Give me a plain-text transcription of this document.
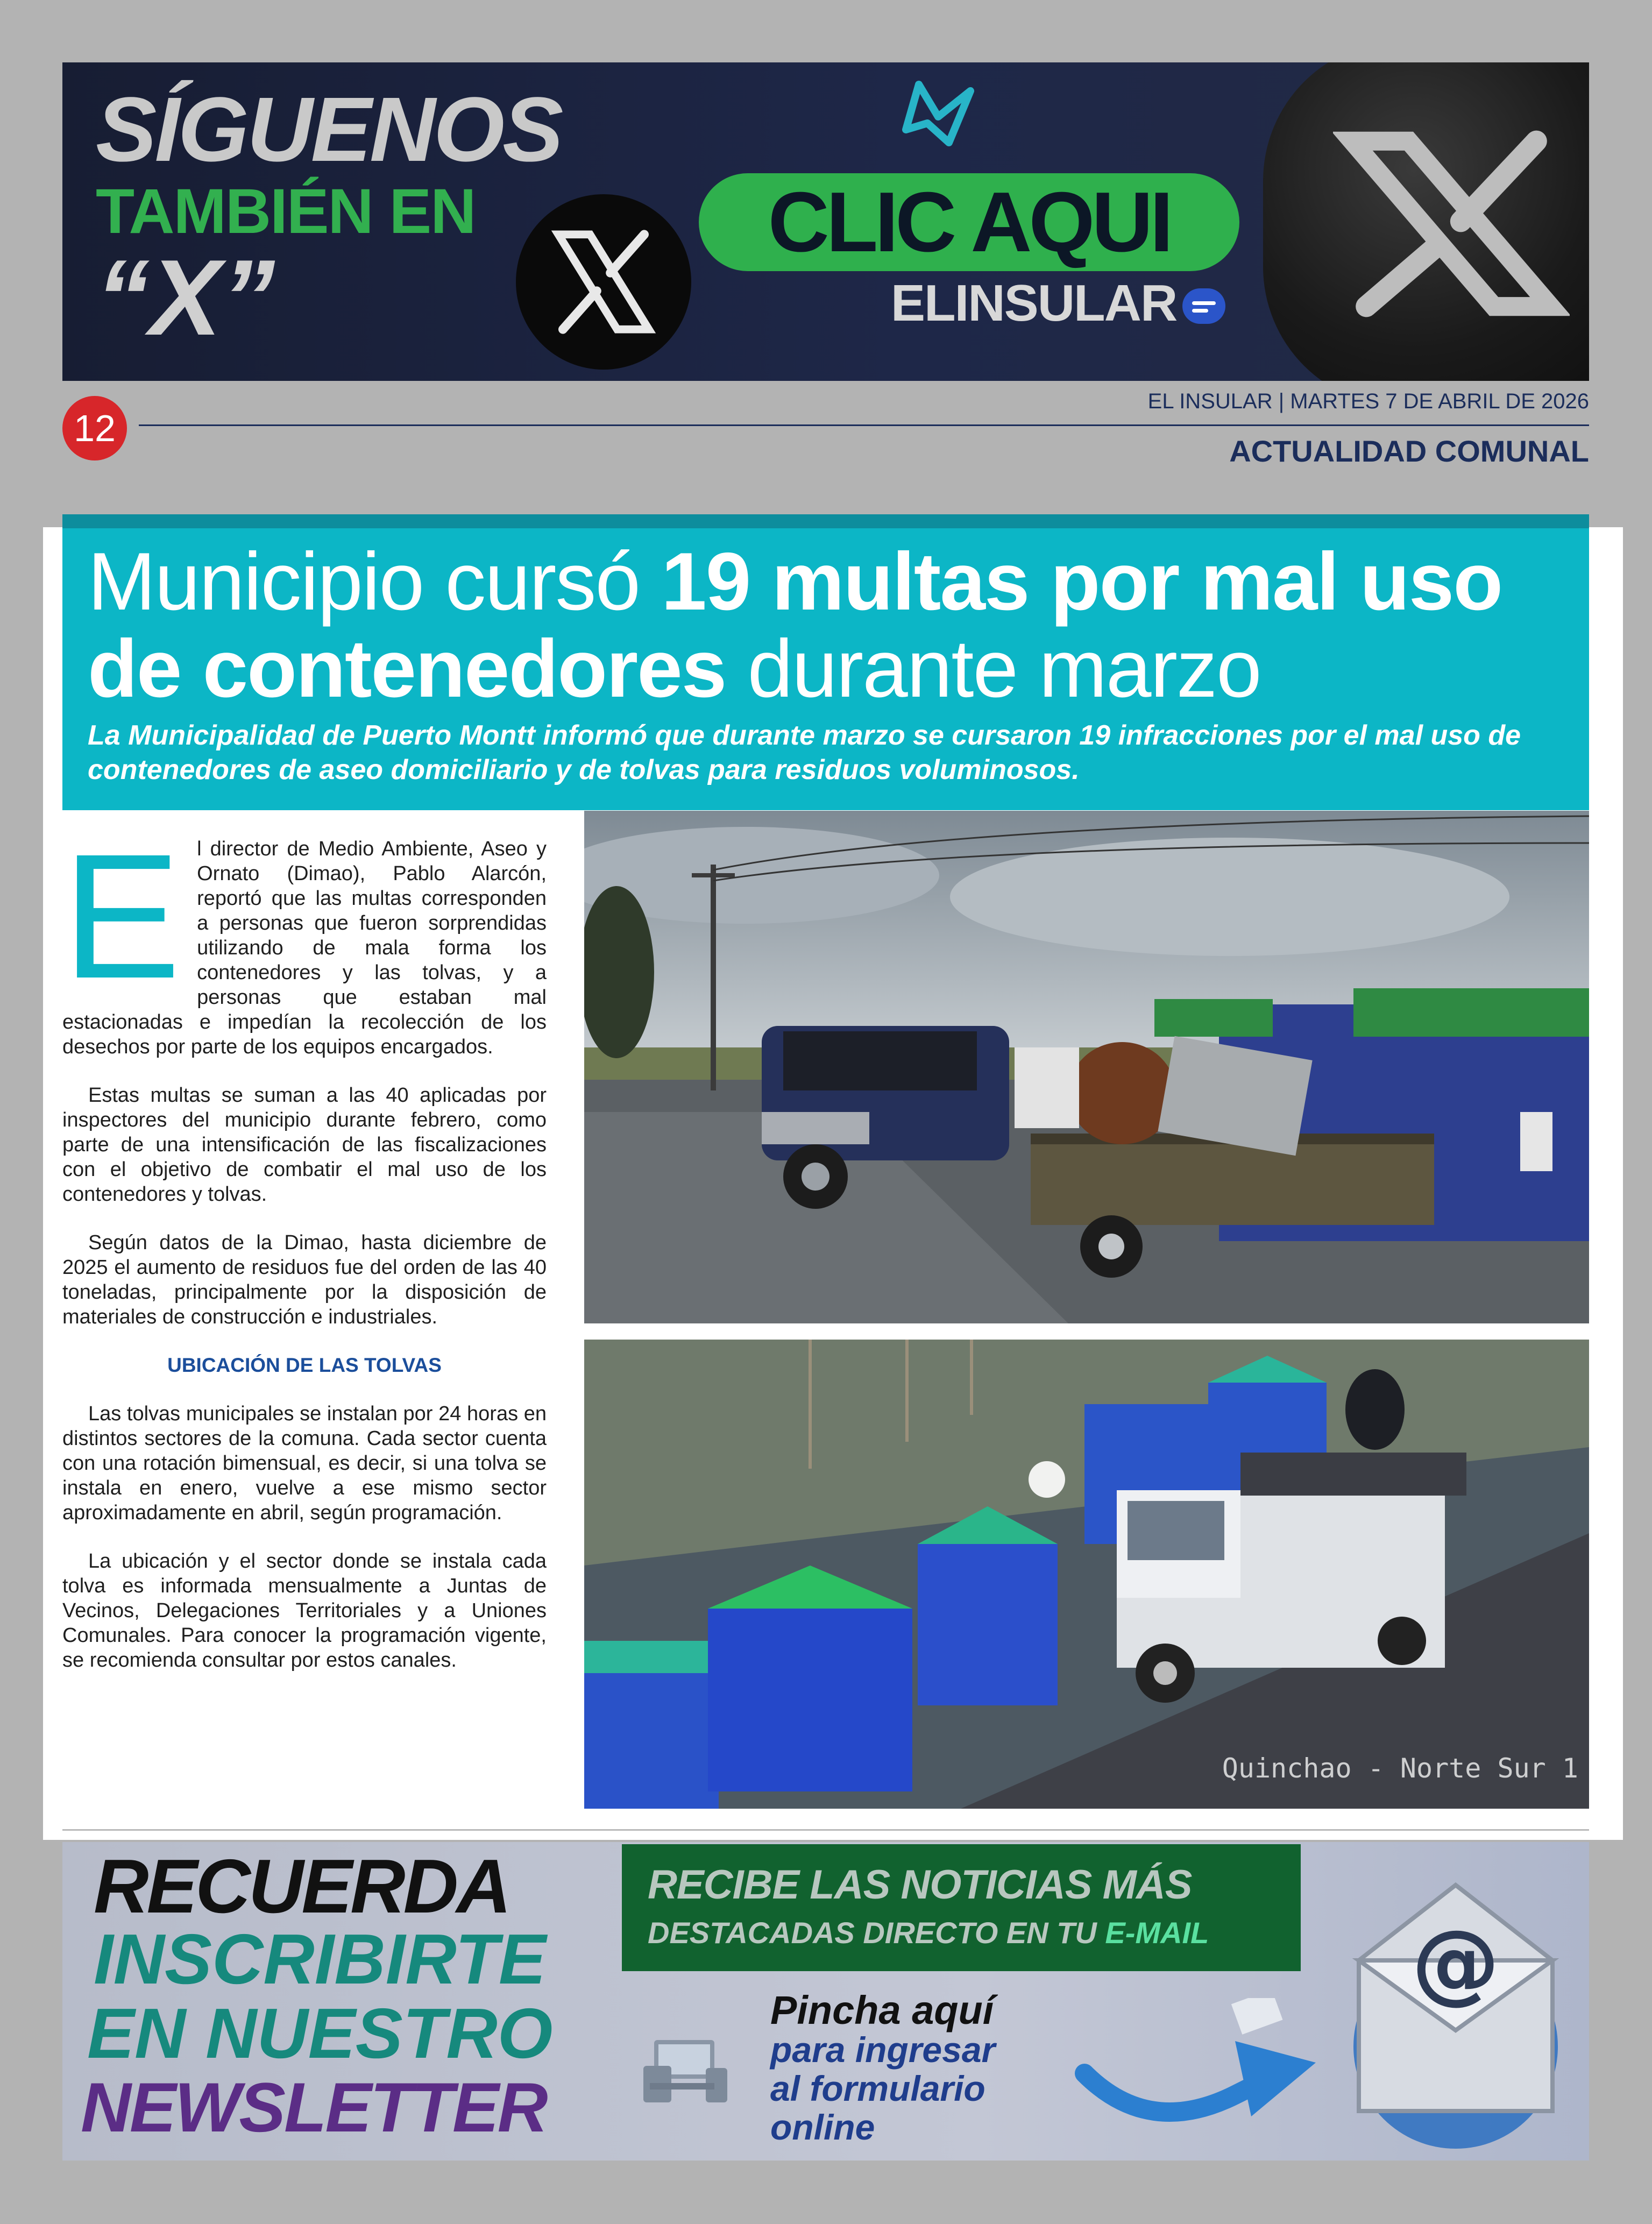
SÍGUENOS
TAMBIÉN EN
“X”
CLIC AQUI
ELINSULAR
12
EL INSULAR | MARTES 7 DE ABRIL DE 2026
ACTUALIDAD COMUNAL
Municipio cursó 19 multas por mal uso de contenedores durante marzo

La Municipalidad de Puerto Montt informó que durante marzo se cursaron 19 infracciones por el mal uso de contenedores de aseo domiciliario y de tolvas para residuos voluminosos.

El director de Medio Ambiente, Aseo y Ornato (Dimao), Pablo Alarcón, reportó que las multas corresponden a personas que fueron sorprendidas utilizando de mala forma los contenedores y las tolvas, y a personas que estaban mal estacionadas e impedían la recolección de los desechos por parte de los equipos encargados.

Estas multas se suman a las 40 aplicadas por inspectores del municipio durante febrero, como parte de una intensificación de las fiscalizaciones con el objetivo de combatir el mal uso de los contenedores y tolvas.

Según datos de la Dimao, hasta diciembre de 2025 el aumento de residuos fue del orden de las 40 toneladas, principalmente por la disposición de materiales de construcción e industriales.

UBICACIÓN DE LAS TOLVAS

Las tolvas municipales se instalan por 24 horas en distintos sectores de la comuna. Cada sector cuenta con una rotación bimensual, es decir, si una tolva se instala en enero, vuelve a ese mismo sector aproximadamente en abril, según programación.

La ubicación y el sector donde se instala cada tolva es informada mensualmente a Juntas de Vecinos, Delegaciones Territoriales y a Uniones Comunales. Para conocer la programación vigente, se recomienda consultar por estos canales.

Quinchao - Norte Sur 1
RECUERDA
INSCRIBIRTE
EN NUESTRO
NEWSLETTER
RECIBE LAS NOTICIAS MÁS
DESTACADAS DIRECTO EN TU E-MAIL
Pincha aquí
para ingresar
al formulario
online
@
